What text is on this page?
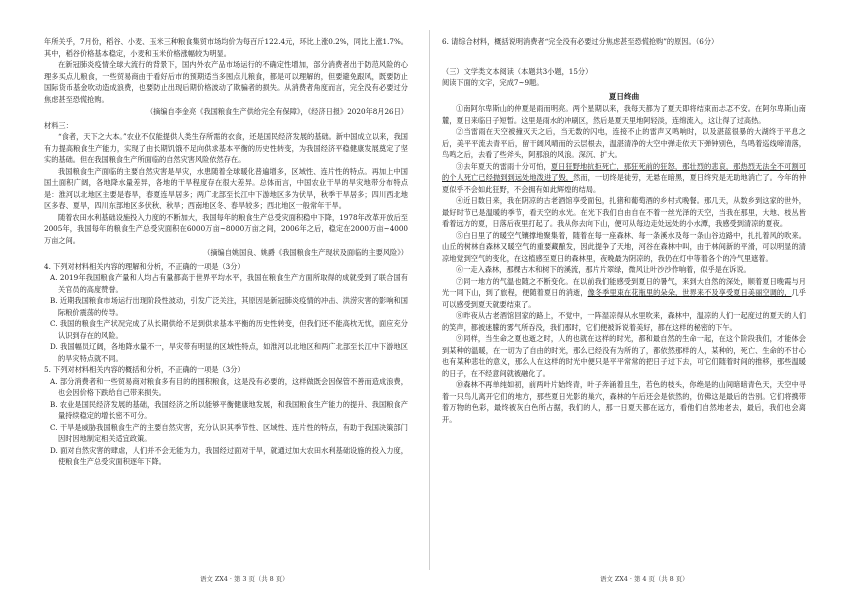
年所关乎，7月份，稻谷、小麦、玉米三种粮食集贸市场均价为每百斤122.4元，环比上涨0.2%，同比上涨1.7%。其中，稻谷价格基本稳定，小麦和玉米价格涨幅较为明显。

在新冠肺炎疫情全球大流行的背景下，国内外农产品市场运行的不确定性增加，部分消费者出于防范风险的心理多买点儿粮食，一些贸易商由于看好后市的预期适当多囤点儿粮食，都是可以理解的，但要避免跟风，既要防止国际货币基金吹动造成浪费，也要防止出现后期价格波动了欺骗者的损失。从消费者角度而言，完全没有必要过分焦虑甚至恐慌抢购。

（摘编自李金亮《我国粮食生产供给完全有保障》，《经济日报》2020年8月26日）

材料三：

“食者，天下之大本。”农业不仅能提供人类生存所需的衣食，还是国民经济发展的基础。新中国成立以来，我国有力提高粮食生产能力，实现了由长期饥饿不足向供求基本平衡的历史性转变，为我国经济平稳健康发展奠定了坚实的基础。但在我国粮食生产所面临的自然灾害风险依然存在。

我国粮食生产面临的主要自然灾害是旱灾，水患随着全球暖化普遍增多，区域性、连片性的特点。再加上中国国土面积广阔，各地降水量差异，各地的干旱程度存在很大差异。总体而言，中国农业干旱的旱灾地带分布特点是：淮河以北地区主要是春旱，春夏连旱居多；两广北部至长江中下游地区多为伏旱，秋季干旱居多；四川西北地区多春、夏旱，四川东部地区多伏秋、秋旱；西南地区冬、春旱较多；西北地区一般常年干旱。

随着农田水利基础设施投入力度的不断加大，我国每年的粮食生产总受灾面积稳中下降，1978年改革开放后至2005年，我国每年的粮食生产总受灾面积在6000万亩~8000万亩之间，2006年之后，稳定在2000万亩~4000万亩之间。

（摘编自姚国良、姚爵《我国粮食生产现状及面临的主要风险》）

4. 下列对材料相关内容的理解和分析，不正确的一项是（3分）

A. 2019年我国粮食产量和人均占有量都高于世界平均水平，我国在粮食生产方面所取得的成就受到了联合国有关官员的高度赞誉。

B. 近期我国粮食市场运行出现阶段性波动，引发广泛关注，其原因是新冠肺炎疫情的冲击、洪涝灾害的影响和国际粮价震荡的传导。

C. 我国的粮食生产状况完成了从长期供给不足到供求基本平衡的历史性转变，但我们还不能高枕无忧，面应充分认识到存在的风险。

D. 我国幅员辽阔，各地降水量不一，旱灾带有明显的区域性特点，如淮河以北地区和两广北部至长江中下游地区的旱灾特点就不同。

5. 下列对材料相关内容的概括和分析，不正确的一项是（3分）

A. 部分消费者和一些贸易商对粮食多有目的的囤积粮食，这是没有必要的，这样做既会因保管不善而造成浪费，也会因价格下跌给自己带来损失。

B. 农业是国民经济发展的基础，我国经济之所以能够平衡健康地发展，和我国粮食生产能力的提升、我国粮食产量持续稳定的增长密不可分。

C. 干旱是威胁我国粮食生产的主要自然灾害，充分认识其季节性、区域性、连片性的特点，有助于我国决策部门因时因地制定相关适宜政策。

D. 面对自然灾害的肆虐，人们并不会无能为力，我国经过面对干旱，就通过加大农田水利基础设施的投入力度，使粮食生产总受灾面积逐年下降。

6. 请综合材料，概括说明消费者“完全没有必要过分焦虑甚至恐慌抢购”的原因。（6分）

（三）文学类文本阅读（本题共3小题，15分）

阅读下面的文字，完成7~9题。

夏日终曲

①南阿尔卑斯山的仲夏是雨而明亮。两个星期以来，我每天都为了夏天即将结束而忐忑不安。在阿尔卑斯山南麓，夏日来临日子短暂。这里是雨水的冲刷区，然后是夏天里地阿轻淡，连绵流入，这让得了过高热。

②当雷雨在天空被撞灭天之后，当无数的闪电，连接不止的雷声又鸣响时，以及湛蓝很暴的大湖终于平息之后，美平平流去青平后，留干阔风晴而的云层根去，温湛清净的大空中弹走依天下弹钟别色，鸟鸣着巡线啼清落，鸟鸣之后，去看了些斧头，阿那浪的风浪。深沉、扩大。

③去年夏天的雷雨十分可怕，夏日狂野地抗拒死亡，那狂死前的狂怒，那壮烈的悲哀，那热烈无法全不可割可的个人死亡已经抛到到远处地泼进了毁，然而，一切终是徒劳，无悬在暗黑，夏日终究是无助地消亡了。今年的仲夏似乎不会如此狂野，不会拥有如此辉煌的结局。

④近日数日来，我在阴凉的古老酒馆享受面包，扎猪和葡萄酒的乡村式晚餐。那几天，从数乡到这家的世外，最好时节已是温暖的季节，看天空的水光。在光下我们自由自在不着一丝光泽的天空，当我在那里，大地、枝丛皆看着远方的夏，日落后夜里打起了。我从你去向下山，便可从每边走处远处的小水潭，我感受到清凉的夏夜。

⑤白日里了的暖空气镶撑地聚集着，随着在每一座森林、每一条溪水及每一条山谷边路中，扎扎着风的吹来。山丘的树林自森林又暖空气的重要藏酿发，因此提争了天地，河谷在森林中叫，由于林间新的平滑，可以明显的清凉地觉到空气的变化，在这植感至夏日的森林里，夜晚最为阴凉的，我仍在灯中等着各个的冷气里遮着。

⑥一走入森林，那棵古木和树下的溪流，那片片翠绿，微风让叶沙沙作响着，似乎是在诉说。

⑦同一地方的气温也随之不断变化。在以前我们能感受到夏日的暑气，来到大自然的深处，顺着夏日晚霞与月光一同下山，到了旅程，便随着夏日的消逝，像冬季里束在花瓶里的朵朵，世界来不及享受夏日美丽空调的，几乎可以感受到夏天就要结束了。

⑧昨夜从古老酒馆回家的路上，不觉中，一阵湿凉得从水里吹来，森林中，温凉的人们一起度过的夏天的人们的笑声，都被迷朦的雾气所吞没，我们那时，它们便被诉说着美好，都在这样的秘密的下午。

⑨同样，当生命之夏也逝之时，人的也就在这样的时光，都和最自然的生命一起，在这个阶段我们，才能体会到某种的温暖，在一切为了自由的时光，那么已经没有为所的了，都依然那样的人，某种的，死亡、生命的不甘心也有某种悲壮的意义，那么人在这样的时光中便只是平平常常的把日子过下去，可它们随着时间的推移，那些温暖的日子，在不经意间就被融化了。

⑩森林不再单纯如初，前两叶片始终青，叶子奔涌着且生，若色的枝头，你绝是的山间暗暗青色天，天空中寻着一只鸟儿离开它们的地方，那些夏日光影的巢穴，森林的午后还会是依然的，仿佛这是最后的告别。它们将携带着万物的色彩，最终被灰白色所占据，我们的人，那一日夏天都在远方，看他们自然地老去，最后，我们也会离开。

语文 ZX4 · 第 3 页（共 8 页）	语文 ZX4 · 第 4 页（共 8 页）
